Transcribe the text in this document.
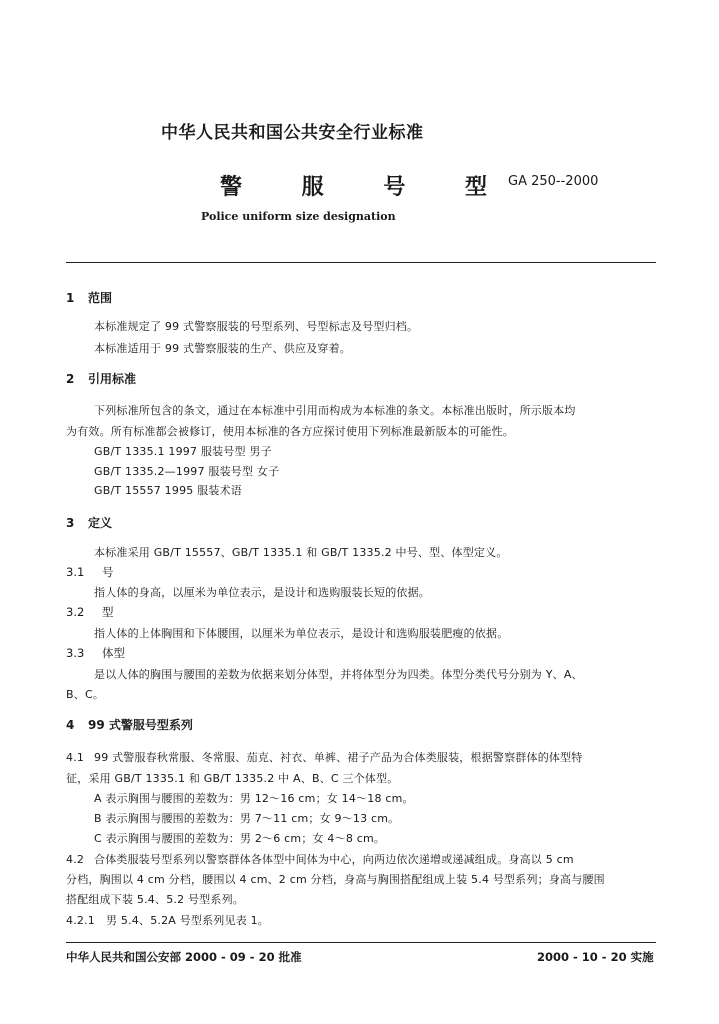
中华人民共和国公共安全行业标准
警 服 号 型
GA 250--2000
Police uniform size designation
1 范围
本标准规定了 99 式警察服装的号型系列、号型标志及号型归档。
本标准适用于 99 式警察服装的生产、供应及穿着。
2 引用标准
下列标准所包含的条文，通过在本标准中引用而构成为本标准的条文。本标准出版时，所示版本均
为有效。所有标准都会被修订，使用本标准的各方应探讨使用下列标准最新版本的可能性。
GB/T 1335.1 1997 服装号型 男子
GB/T 1335.2—1997 服装号型 女子
GB/T 15557 1995 服装术语
3 定义
本标准采用 GB/T 15557、GB/T 1335.1 和 GB/T 1335.2 中号、型、体型定义。
3.1 号
指人体的身高，以厘米为单位表示，是设计和选购服装长短的依据。
3.2 型
指人体的上体胸围和下体腰围，以厘米为单位表示，是设计和选购服装肥瘦的依据。
3.3 体型
是以人体的胸围与腰围的差数为依据来划分体型，并将体型分为四类。体型分类代号分别为 Y、A、
B、C。
4 99 式警服号型系列
4.1 99 式警服春秋常服、冬常服、茄克、衬衣、单裤、裙子产品为合体类服装，根据警察群体的体型特
征，采用 GB/T 1335.1 和 GB/T 1335.2 中 A、B、C 三个体型。
A 表示胸围与腰围的差数为：男 12～16 cm；女 14～18 cm。
B 表示胸围与腰围的差数为：男 7～11 cm；女 9～13 cm。
C 表示胸围与腰围的差数为：男 2～6 cm；女 4～8 cm。
4.2 合体类服装号型系列以警察群体各体型中间体为中心，向两边依次递增或递减组成。身高以 5 cm
分档，胸围以 4 cm 分档，腰围以 4 cm、2 cm 分档，身高与胸围搭配组成上装 5.4 号型系列；身高与腰围
搭配组成下装 5.4、5.2 号型系列。
4.2.1 男 5.4、5.2A 号型系列见表 1。
中华人民共和国公安部 2000 - 09 - 20 批准	2000 - 10 - 20 实施
